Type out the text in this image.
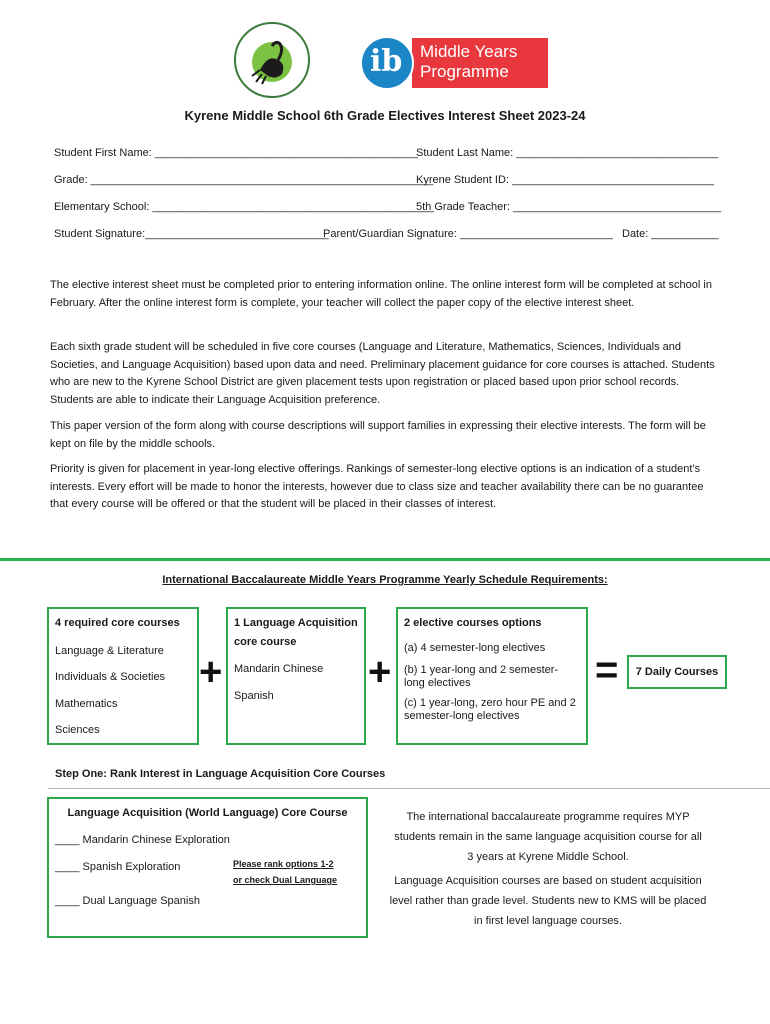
ib Middle Years
Programme
Kyrene Middle School 6th Grade Electives Interest Sheet 2023-24
Student First Name: ___________________________________________
Student Last Name: _________________________________
Grade: ________________________________________________________
Kyrene Student ID: _________________________________
Elementary School: ______________________________________________
5th Grade Teacher: __________________________________
Student Signature:______________________________
Parent/Guardian Signature: _________________________ Date: ___________
The elective interest sheet must be completed prior to entering information online. The online interest form will be completed at school in February. After the online interest form is complete, your teacher will collect the paper copy of the elective interest sheet.
Each sixth grade student will be scheduled in five core courses (Language and Literature, Mathematics, Sciences, Individuals and Societies, and Language Acquisition) based upon data and need. Preliminary placement guidance for core courses is attached. Students who are new to the Kyrene School District are given placement tests upon registration or placed based upon prior school records. Students are able to indicate their Language Acquisition preference.
This paper version of the form along with course descriptions will support families in expressing their elective interests. The form will be kept on file by the middle schools.
Priority is given for placement in year-long elective offerings. Rankings of semester-long elective options is an indication of a student’s interests. Every effort will be made to honor the interests, however due to class size and teacher availability there can be no guarantee that every course will be offered or that the student will be placed in their classes of interest.
International Baccalaureate Middle Years Programme Yearly Schedule Requirements:
4 required core courses
Language & Literature
Individuals & Societies
Mathematics
Sciences
+
1 Language Acquisition
core course
Mandarin Chinese
Spanish
+
2 elective courses options
(a) 4 semester-long electives
(b) 1 year-long and 2 semester-
long electives
(c) 1 year-long, zero hour PE and 2
semester-long electives
=	7 Daily Courses
Step One: Rank Interest in Language Acquisition Core Courses
Language Acquisition (World Language) Core Course
____ Mandarin Chinese Exploration
____ Spanish Exploration
____ Dual Language Spanish
Please rank options 1-2
or check Dual Language
The international baccalaureate programme requires MYP
students remain in the same language acquisition course for all
3 years at Kyrene Middle School.
Language Acquisition courses are based on student acquisition
level rather than grade level. Students new to KMS will be placed
in first level language courses.
